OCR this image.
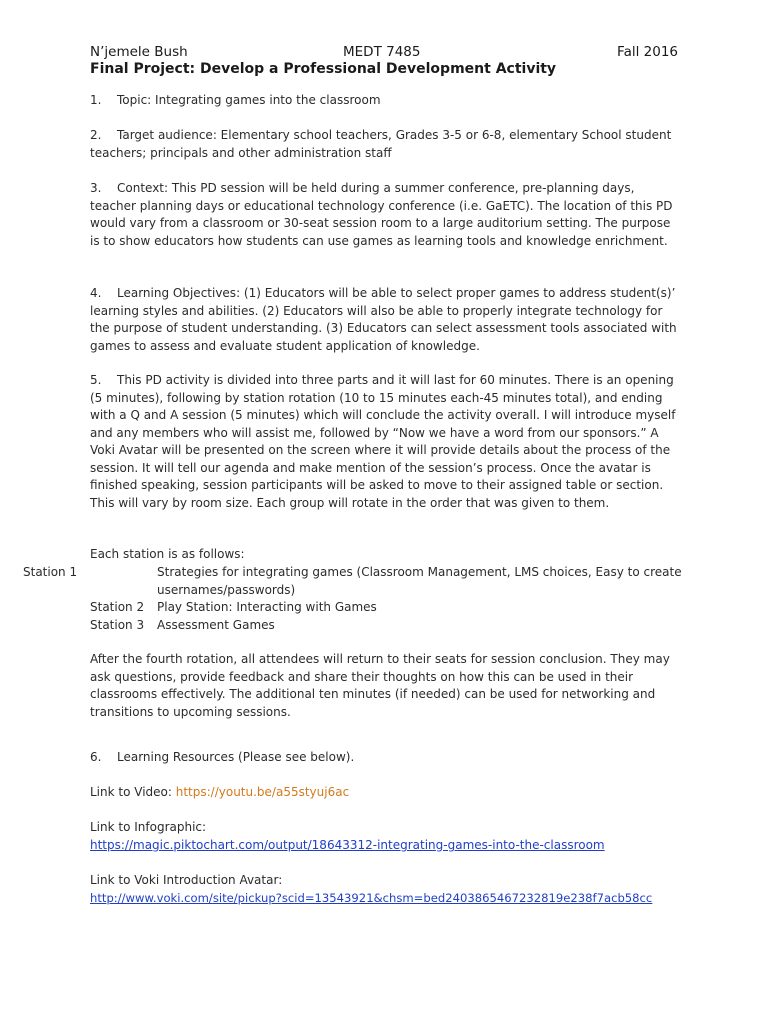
N’jemele Bush	MEDT 7485	Fall 2016
Final Project: Develop a Professional Development Activity

1. Topic: Integrating games into the classroom

2. Target audience: Elementary school teachers, Grades 3-5 or 6-8, elementary School student teachers; principals and other administration staff

3. Context: This PD session will be held during a summer conference, pre-planning days, teacher planning days or educational technology conference (i.e. GaETC). The location of this PD would vary from a classroom or 30-seat session room to a large auditorium setting. The purpose is to show educators how students can use games as learning tools and knowledge enrichment.

4. Learning Objectives: (1) Educators will be able to select proper games to address student(s)’ learning styles and abilities. (2) Educators will also be able to properly integrate technology for the purpose of student understanding. (3) Educators can select assessment tools associated with games to assess and evaluate student application of knowledge.

5. This PD activity is divided into three parts and it will last for 60 minutes. There is an opening (5 minutes), following by station rotation (10 to 15 minutes each-45 minutes total), and ending with a Q and A session (5 minutes) which will conclude the activity overall. I will introduce myself and any members who will assist me, followed by “Now we have a word from our sponsors.” A Voki Avatar will be presented on the screen where it will provide details about the process of the session. It will tell our agenda and make mention of the session’s process. Once the avatar is finished speaking, session participants will be asked to move to their assigned table or section. This will vary by room size. Each group will rotate in the order that was given to them.

Each station is as follows:

Station 1	Strategies for integrating games (Classroom Management, LMS choices, Easy to create usernames/passwords)

Station 2 Play Station: Interacting with Games

Station 3 Assessment Games

After the fourth rotation, all attendees will return to their seats for session conclusion. They may ask questions, provide feedback and share their thoughts on how this can be used in their classrooms effectively. The additional ten minutes (if needed) can be used for networking and transitions to upcoming sessions.

6. Learning Resources (Please see below).

Link to Video: https://youtu.be/a55styuj6ac

Link to Infographic:

https://magic.piktochart.com/output/18643312-integrating-games-into-the-classroom

Link to Voki Introduction Avatar:

http://www.voki.com/site/pickup?scid=13543921&chsm=bed2403865467232819e238f7acb58cc
